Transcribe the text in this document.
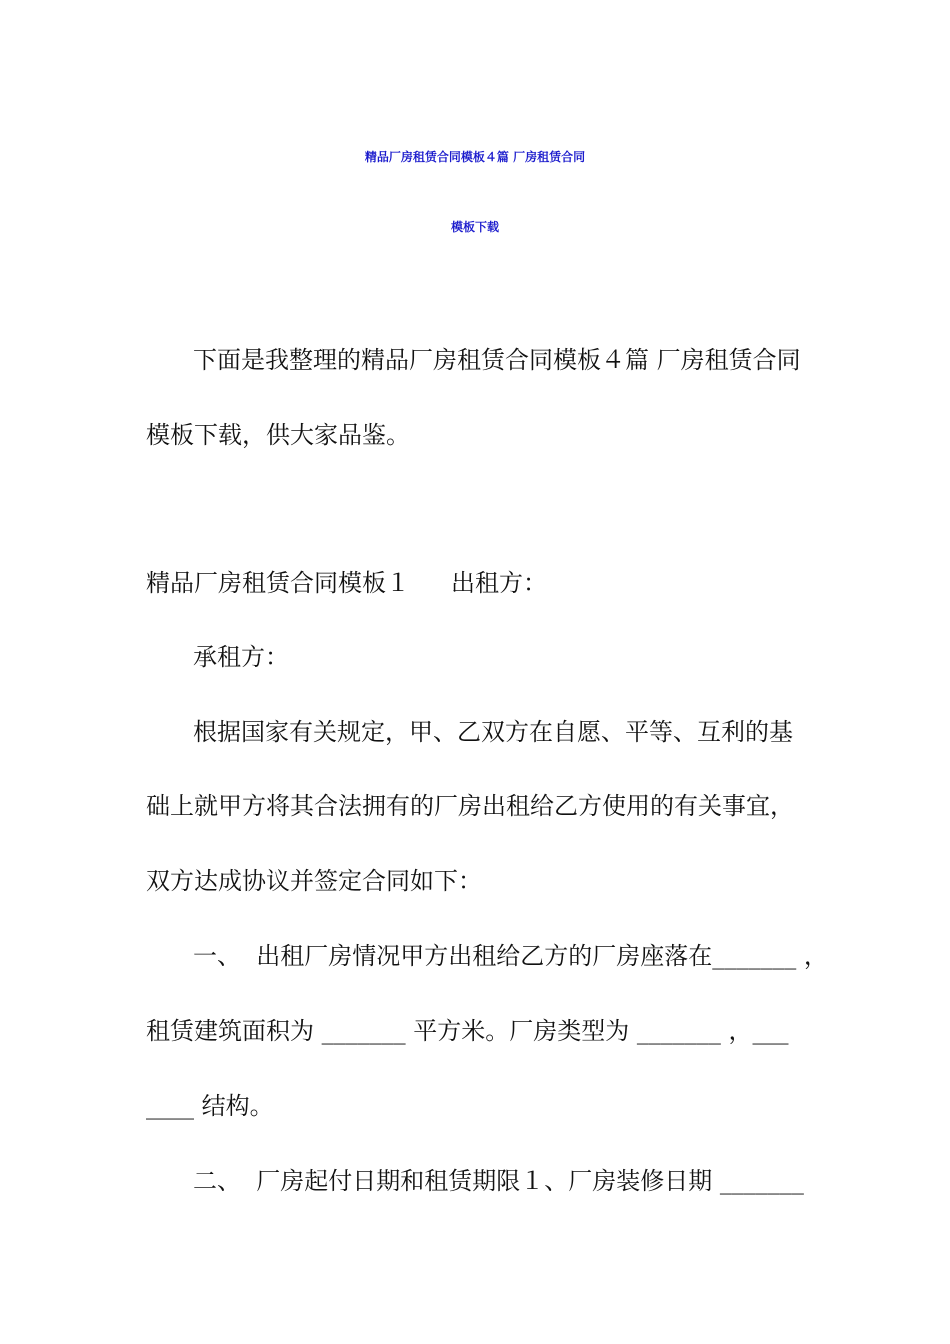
精品厂房租赁合同模板４篇 厂房租赁合同
模板下载

下面是我整理的精品厂房租赁合同模板４篇 厂房租赁合同

模板下载，供大家品鉴。

精品厂房租赁合同模板１ 出租方：

承租方：

根据国家有关规定，甲、乙双方在自愿、平等、互利的基

础上就甲方将其合法拥有的厂房出租给乙方使用的有关事宜，

双方达成协议并签定合同如下：

一、  出租厂房情况甲方出租给乙方的厂房座落在_______ ，

租赁建筑面积为 _______ 平方米。厂房类型为 _______ ，___

____ 结构。

二、  厂房起付日期和租赁期限１、厂房装修日期 _______
